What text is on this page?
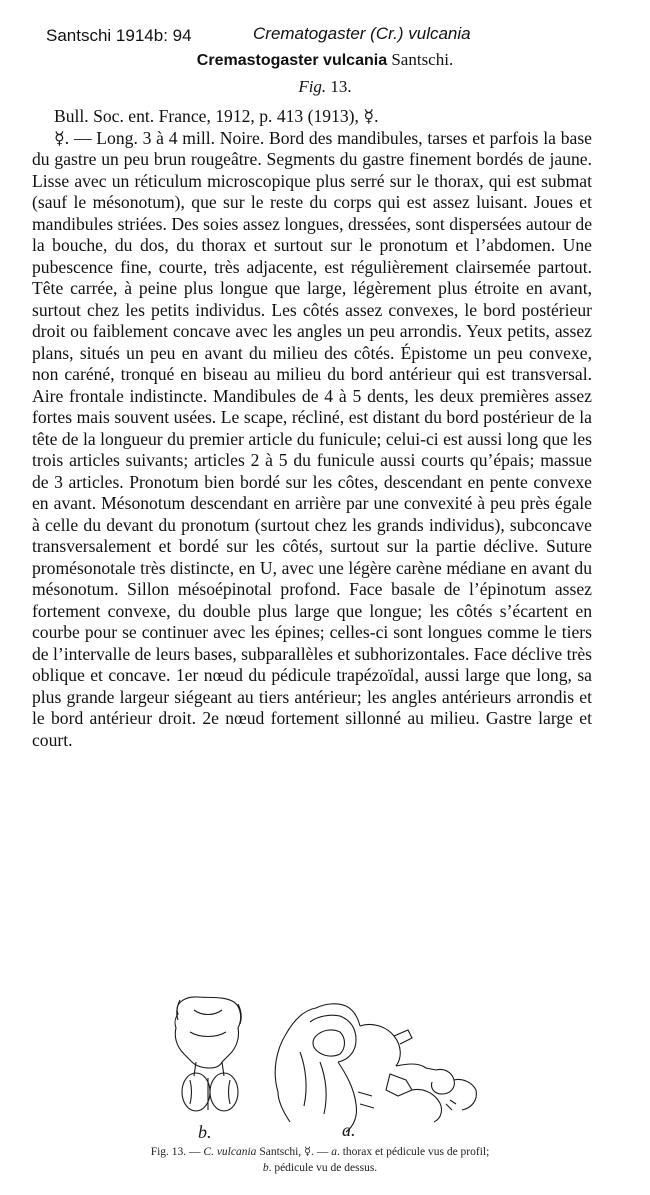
Santschi 1914b: 94	Crematogaster (Cr.) vulcania
Cremastogaster vulcania Santschi.
Fig. 13.

Bull. Soc. ent. France, 1912, p. 413 (1913), ☿.

☿. — Long. 3 à 4 mill. Noire. Bord des mandibules, tarses et parfois la base du gastre un peu brun rougeâtre. Segments du gastre finement bordés de jaune. Lisse avec un réticulum microscopique plus serré sur le thorax, qui est submat (sauf le mésonotum), que sur le reste du corps qui est assez luisant. Joues et mandibules striées. Des soies assez longues, dressées, sont dispersées autour de la bouche, du dos, du thorax et surtout sur le pronotum et l’abdomen. Une pubescence fine, courte, très adjacente, est régulièrement clairsemée partout. Tête carrée, à peine plus longue que large, légèrement plus étroite en avant, surtout chez les petits individus. Les côtés assez convexes, le bord postérieur droit ou faiblement concave avec les angles un peu arrondis. Yeux petits, assez plans, situés un peu en avant du milieu des côtés. Épistome un peu convexe, non caréné, tronqué en biseau au milieu du bord antérieur qui est transversal. Aire frontale indistincte. Mandibules de 4 à 5 dents, les deux premières assez fortes mais souvent usées. Le scape, récliné, est distant du bord postérieur de la tête de la longueur du premier article du funicule; celui-ci est aussi long que les trois articles suivants; articles 2 à 5 du funicule aussi courts qu’épais; massue de 3 articles. Pronotum bien bordé sur les côtes, descendant en pente convexe en avant. Mésonotum descendant en arrière par une convexité à peu près égale à celle du devant du pronotum (surtout chez les grands individus), subconcave transversalement et bordé sur les côtés, surtout sur la partie déclive. Suture promésonotale très distincte, en U, avec une légère carène médiane en avant du mésonotum. Sillon mésoépinotal profond. Face basale de l’épinotum assez fortement convexe, du double plus large que longue; les côtés s’écartent en courbe pour se continuer avec les épines; celles-ci sont longues comme le tiers de l’intervalle de leurs bases, subparallèles et subhorizontales. Face déclive très oblique et concave. 1er nœud du pédicule trapézoïdal, aussi large que long, sa plus grande largeur siégeant au tiers antérieur; les angles antérieurs arrondis et le bord antérieur droit. 2e nœud fortement sillonné au milieu. Gastre large et court.

b.	a.
Fig. 13. — C. vulcania Santschi, ☿. — a. thorax et pédicule vus de profil;
b. pédicule vu de dessus.
